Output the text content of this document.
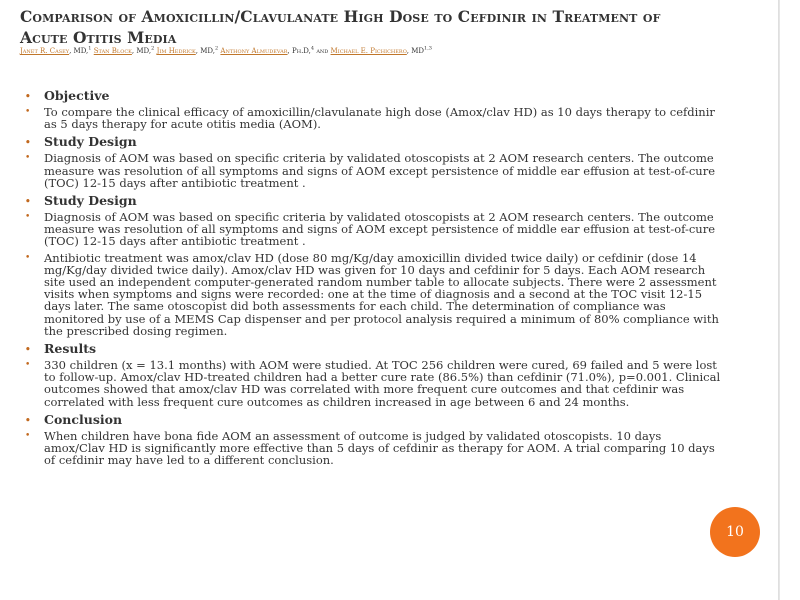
Comparison of Amoxicillin/Clavulanate High Dose to Cefdinir in Treatment of
Acute Otitis Media
Janet R. Casey, MD,$^1$ Stan Block, MD,$^2$ Jim Hedrick, MD,$^2$ Anthony Almudevar, Ph.D,$^4$ and Michael E. Pichichero, MD$^{1,3}$
• Objective
• To compare the clinical efficacy of amoxicillin/clavulanate high dose (Amox/clav HD) as 10 days therapy to cefdinir as 5 days therapy for acute otitis media (AOM).
• Study Design
• Diagnosis of AOM was based on specific criteria by validated otoscopists at 2 AOM research centers. The outcome measure was resolution of all symptoms and signs of AOM except persistence of middle ear effusion at test-of-cure (TOC) 12-15 days after antibiotic treatment .
• Study Design
• Diagnosis of AOM was based on specific criteria by validated otoscopists at 2 AOM research centers. The outcome measure was resolution of all symptoms and signs of AOM except persistence of middle ear effusion at test-of-cure (TOC) 12-15 days after antibiotic treatment .
• Antibiotic treatment was amox/clav HD (dose 80 mg/Kg/day amoxicillin divided twice daily) or cefdinir (dose 14 mg/Kg/day divided twice daily). Amox/clav HD was given for 10 days and cefdinir for 5 days. Each AOM research site used an independent computer-generated random number table to allocate subjects. There were 2 assessment visits when symptoms and signs were recorded: one at the time of diagnosis and a second at the TOC visit 12-15 days later. The same otoscopist did both assessments for each child. The determination of compliance was monitored by use of a MEMS Cap dispenser and per protocol analysis required a minimum of 80% compliance with the prescribed dosing regimen.
• Results
• 330 children (x = 13.1 months) with AOM were studied. At TOC 256 children were cured, 69 failed and 5 were lost to follow-up. Amox/clav HD-treated children had a better cure rate (86.5%) than cefdinir (71.0%), p=0.001. Clinical outcomes showed that amox/clav HD was correlated with more frequent cure outcomes and that cefdinir was correlated with less frequent cure outcomes as children increased in age between 6 and 24 months.
• Conclusion
• When children have bona fide AOM an assessment of outcome is judged by validated otoscopists. 10 days amox/Clav HD is significantly more effective than 5 days of cefdinir as therapy for AOM. A trial comparing 10 days of cefdinir may have led to a different conclusion.
10
